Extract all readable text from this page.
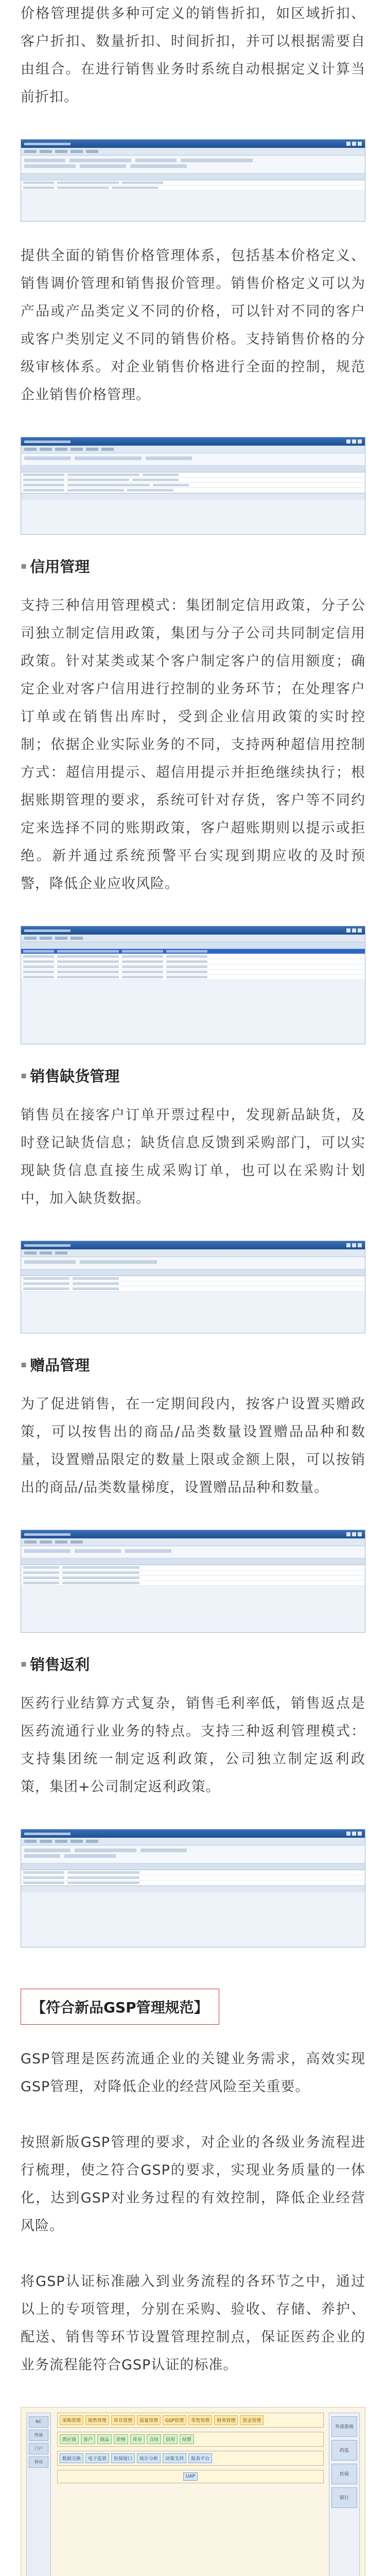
价格管理提供多种可定义的销售折扣，如区域折扣、客户折扣、数量折扣、时间折扣，并可以根据需要自由组合。在进行销售业务时系统自动根据定义计算当前折扣。

提供全面的销售价格管理体系，包括基本价格定义、销售调价管理和销售报价管理。销售价格定义可以为产品或产品类定义不同的价格，可以针对不同的客户或客户类别定义不同的销售价格。支持销售价格的分级审核体系。对企业销售价格进行全面的控制，规范企业销售价格管理。

▪ 信用管理

支持三种信用管理模式：集团制定信用政策，分子公司独立制定信用政策，集团与分子公司共同制定信用政策。针对某类或某个客户制定客户的信用额度；确定企业对客户信用进行控制的业务环节；在处理客户订单或在销售出库时，受到企业信用政策的实时控制；依据企业实际业务的不同，支持两种超信用控制方式：超信用提示、超信用提示并拒绝继续执行；根据账期管理的要求，系统可针对存货，客户等不同约定来选择不同的账期政策，客户超账期则以提示或拒绝。新并通过系统预警平台实现到期应收的及时预警，降低企业应收风险。

▪ 销售缺货管理

销售员在接客户订单开票过程中，发现新品缺货，及时登记缺货信息；缺货信息反馈到采购部门，可以实现缺货信息直接生成采购订单，也可以在采购计划中，加入缺货数据。

▪ 赠品管理

为了促进销售，在一定期间段内，按客户设置买赠政策，可以按售出的商品/品类数量设置赠品品种和数量，设置赠品限定的数量上限或金额上限，可以按销出的商品/品类数量梯度，设置赠品品种和数量。

▪ 销售返利

医药行业结算方式复杂，销售毛利率低，销售返点是医药流通行业业务的特点。支持三种返利管理模式：支持集团统一制定返利政策，公司独立制定返利政策，集团+公司制定返利政策。

【 符合新品GSP管理规范 】

GSP管理是医药流通企业的关键业务需求，高效实现GSP管理，对降低企业的经营风险至关重要。

按照新版GSP管理的要求，对企业的各级业务流程进行梳理，使之符合GSP的要求，实现业务质量的一体化，达到GSP对业务过程的有效控制，降低企业经营风险。

将GSP认证标准融入到业务流程的各环节之中，通过以上的专项管理，分别在采购、验收、存储、养护、配送、销售等环节设置管理控制点，保证医药企业的业务流程能符合GSP认证的标准。

NC
终端
门户
移动
采购管理	销售管理	库存管理	质量管理	GSP管理	零售管理	财务管理	资金管理
供应商	客户	商品	价格	库存	合同	信用	结算
数据交换	电子监管	医保接口	统计分析	决策支持	报表平台
UAP
外部系统
药监
医保
银行
